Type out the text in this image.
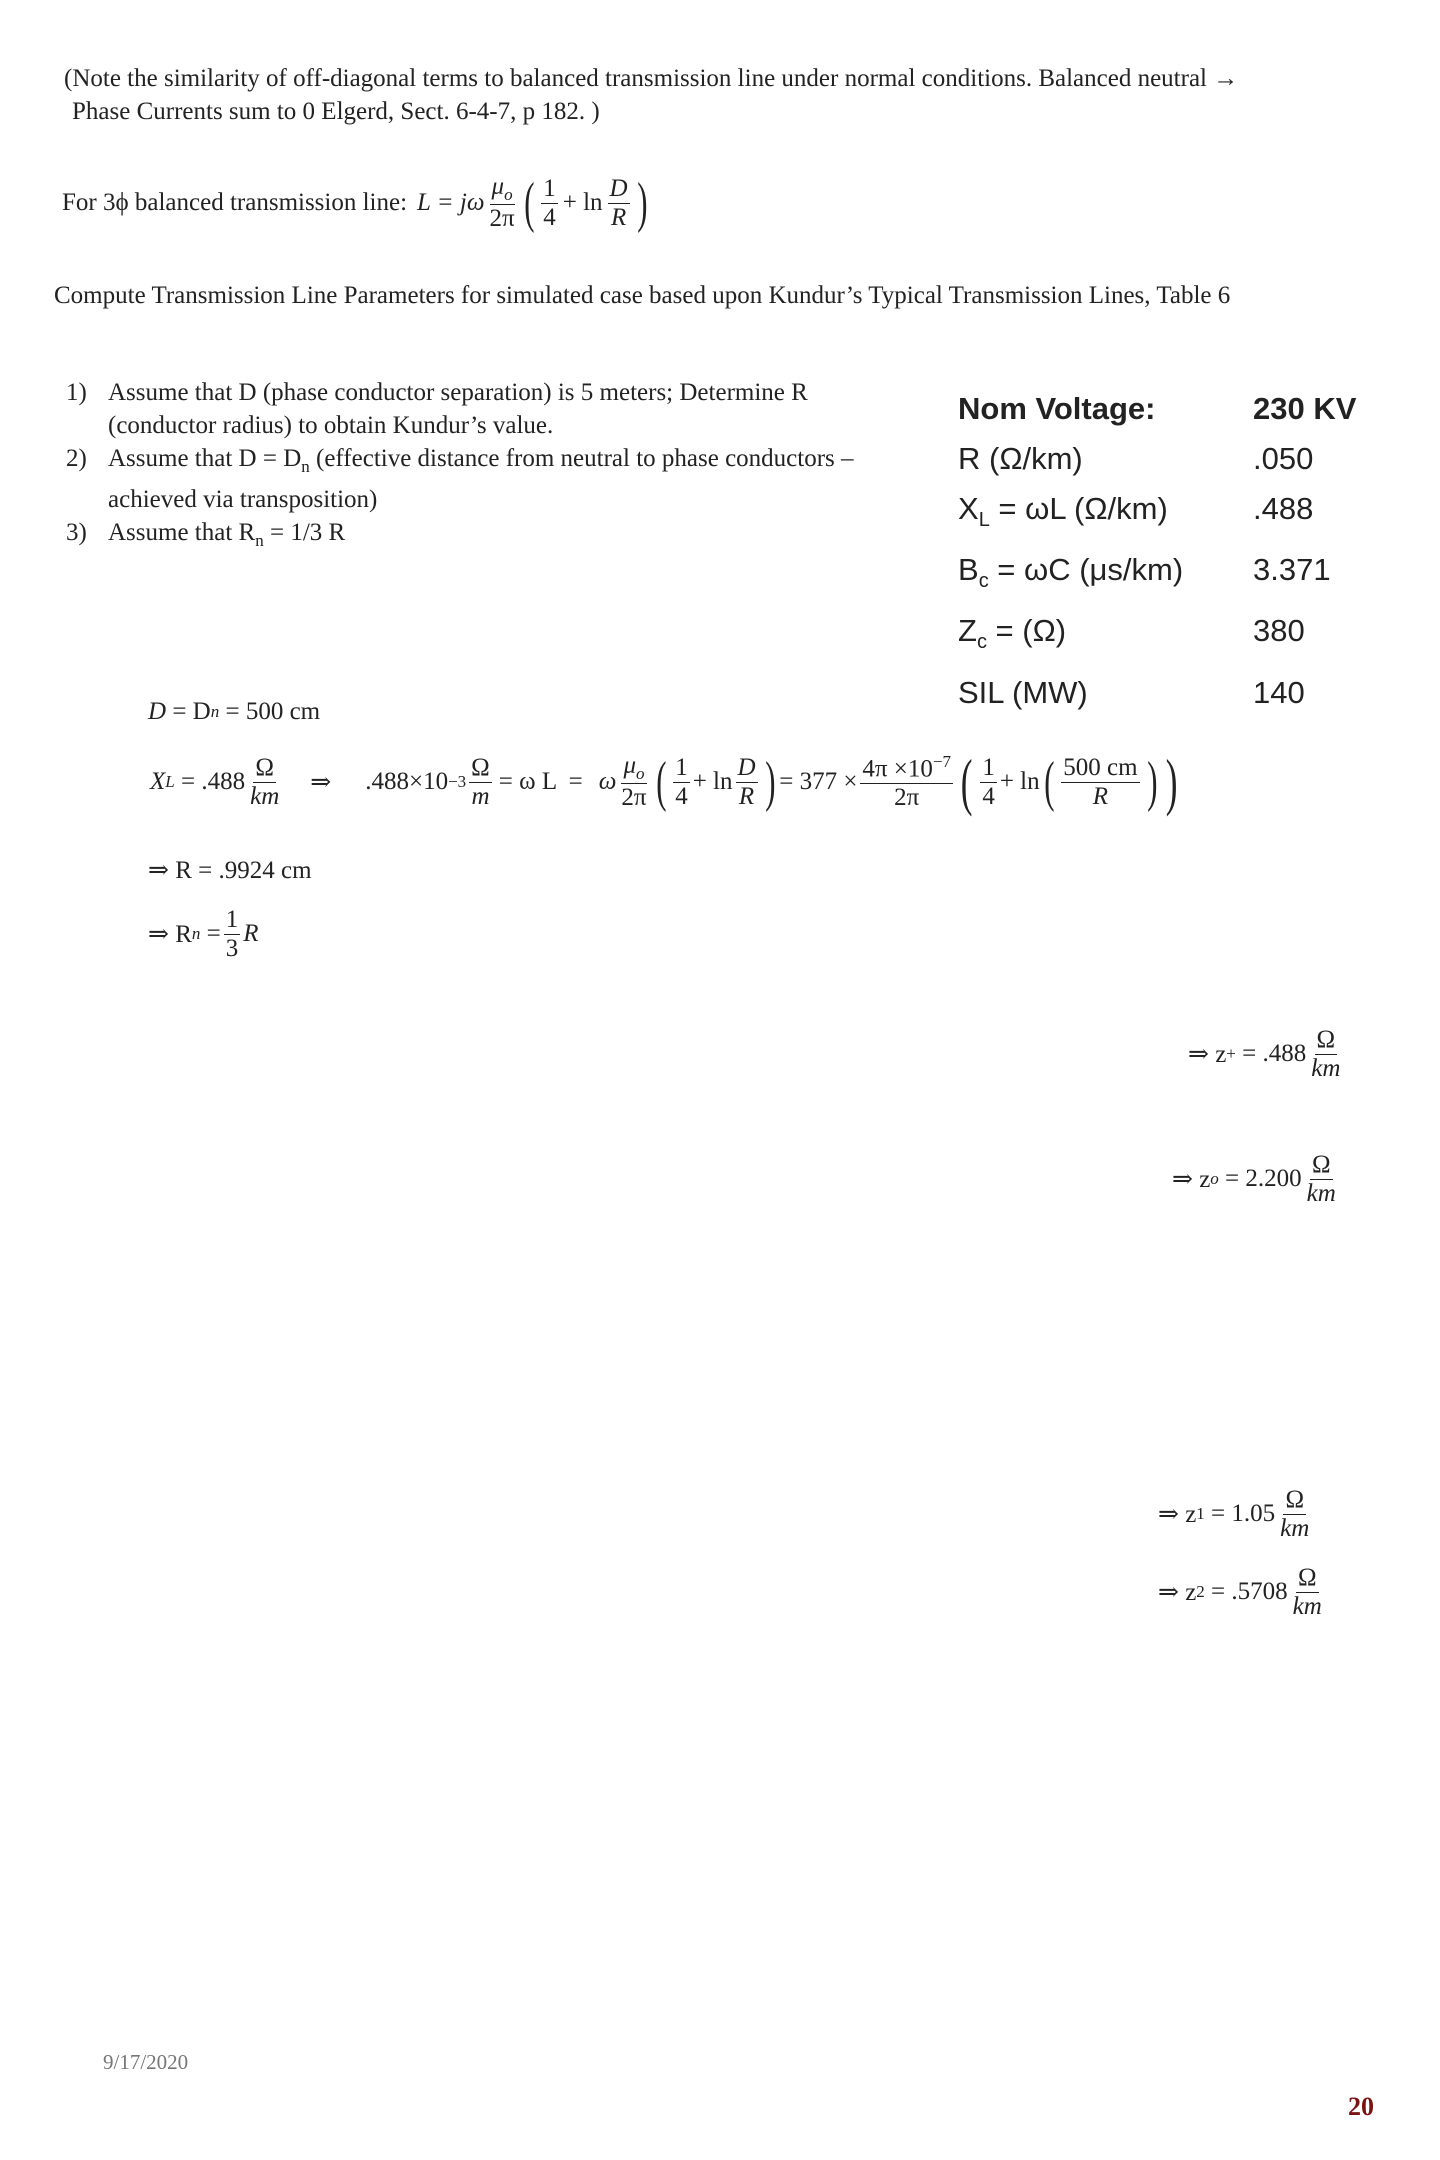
(Note the similarity of off-diagonal terms to balanced transmission line under normal conditions. Balanced neutral →
Phase Currents sum to 0 Elgerd, Sect. 6-4-7, p 182. )
For 3ϕ balanced transmission line: L = jω $\frac{\mu_o}{2\pi}$ ( $\frac{1}{4} + \ln \frac{D}{R}$ )
Compute Transmission Line Parameters for simulated case based upon Kundur’s Typical Transmission Lines, Table 6
1) Assume that D (phase conductor separation) is 5 meters; Determine R (conductor radius) to obtain Kundur’s value.
2) Assume that $D = D_n$ (effective distance from neutral to phase conductors – achieved via transposition)
3) Assume that $R_n = 1/3$ R
Nom Voltage:	230 KV
R (Ω/km)	.050
$X_L = \omega L$ (Ω/km)	.488
$B_c = \omega C$ (μs/km)	3.371
$Z_c = (\Omega)$	380
SIL (MW)	140
D = D n = 500 cm
X $L = .488 \frac{\Omega}{km}$ ⇒ $.488\times 10 -3 \frac{\Omega}{m} = \omega$ L  = ω $\frac{\mu_o}{2\pi}$ ( $\frac{1}{4} + \ln \frac{D}{R}$ ) = $377 \times \frac{4\pi \times 10^{-7}}{2\pi}$ ( $\frac{1}{4} + \ln$ ( $\frac{500 cm}{R}$ ) )
⇒ R = .9924 cm
⇒ R $n = \frac{1}{3}$ R
⇒ z + = $.488 \frac{\Omega}{km}$
⇒ z $o = 2.200 \frac{\Omega}{km}$
⇒ z $1 = 1.05 \frac{\Omega}{km}$
⇒ z $2 = .5708 \frac{\Omega}{km}$
9/17/2020
20
